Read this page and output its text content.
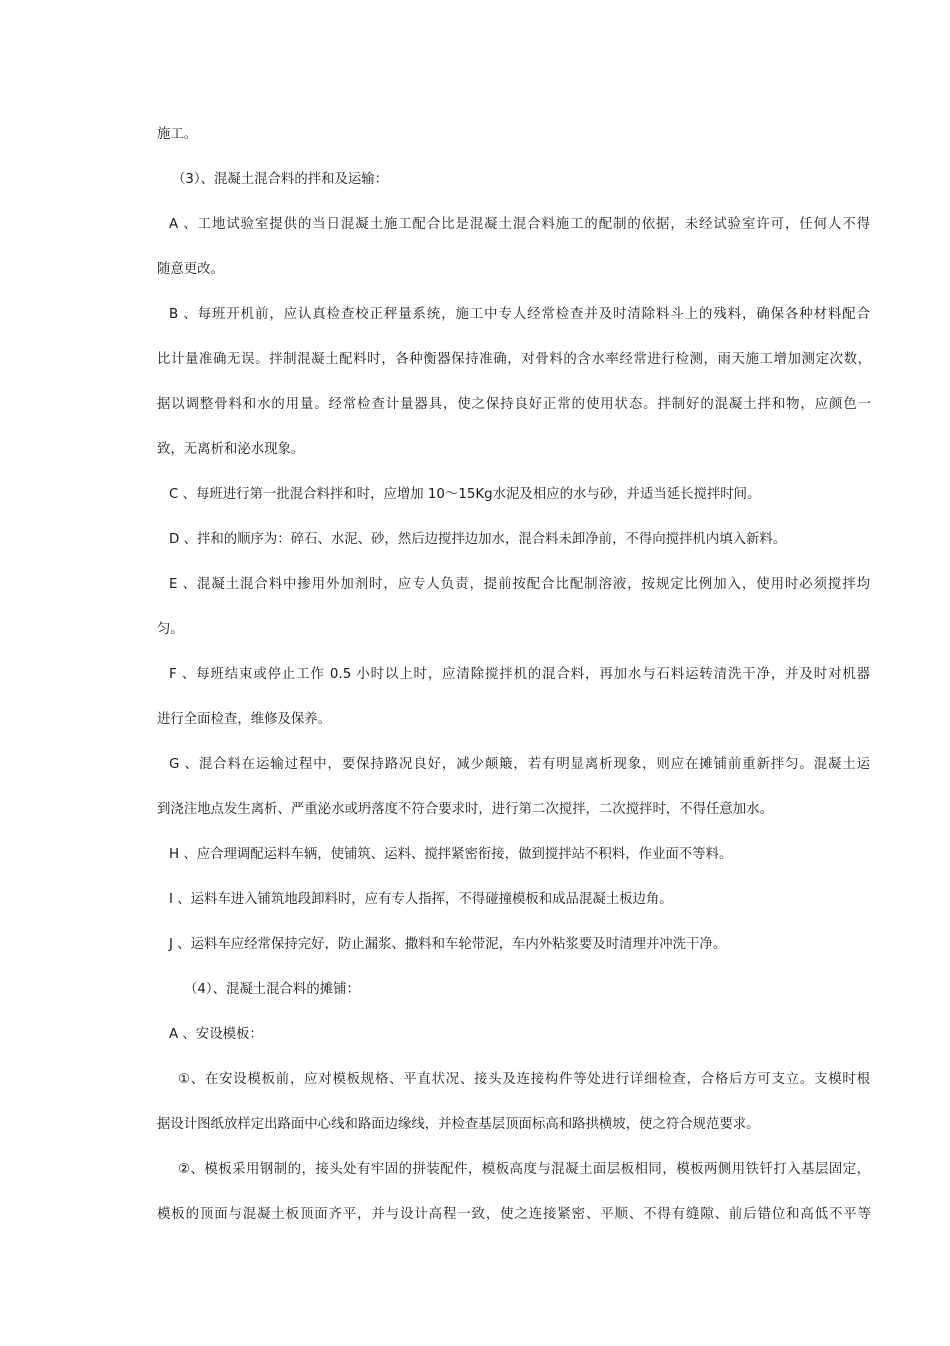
施工。
（3）、混凝土混合料的拌和及运输：
A 、工地试验室提供的当日混凝土施工配合比是混凝土混合料施工的配制的依据，未经试验室许可，任何人不得
随意更改。
B 、每班开机前，应认真检查校正秤量系统，施工中专人经常检查并及时清除料斗上的残料，确保各种材料配合
比计量准确无误。拌制混凝土配料时，各种衡器保持准确，对骨料的含水率经常进行检测，雨天施工增加测定次数，
据以调整骨料和水的用量。经常检查计量器具，使之保持良好正常的使用状态。拌制好的混凝土拌和物，应颜色一
致，无离析和泌水现象。
C 、每班进行第一批混合料拌和时，应增加 10～15Kg水泥及相应的水与砂，并适当延长搅拌时间。
D 、拌和的顺序为：碎石、水泥、砂，然后边搅拌边加水，混合料未卸净前，不得向搅拌机内填入新料。
E 、混凝土混合料中掺用外加剂时，应专人负责，提前按配合比配制溶液，按规定比例加入，使用时必须搅拌均
匀。
F 、每班结束或停止工作 0.5 小时以上时，应清除搅拌机的混合料，再加水与石料运转清洗干净，并及时对机器
进行全面检查，维修及保养。
G 、混合料在运输过程中，要保持路况良好，减少颠簸，若有明显离析现象，则应在摊铺前重新拌匀。混凝土运
到浇注地点发生离析、严重泌水或坍落度不符合要求时，进行第二次搅拌，二次搅拌时，不得任意加水。
H 、应合理调配运料车辆，使铺筑、运料、搅拌紧密衔接，做到搅拌站不积料，作业面不等料。
I 、运料车进入铺筑地段卸料时，应有专人指挥，不得碰撞模板和成品混凝土板边角。
J 、运料车应经常保持完好，防止漏浆、撒料和车轮带泥，车内外粘浆要及时清理并冲洗干净。
（4）、混凝土混合料的摊铺：
A 、安设模板：
①、在安设模板前，应对模板规格、平直状况、接头及连接构件等处进行详细检查，合格后方可支立。支模时根
据设计图纸放样定出路面中心线和路面边缘线，并检查基层顶面标高和路拱横坡，使之符合规范要求。
②、模板采用钢制的，接头处有牢固的拼装配件，模板高度与混凝土面层板相同，模板两侧用铁钎打入基层固定，
模板的顶面与混凝土板顶面齐平，并与设计高程一致，使之连接紧密、平顺、不得有缝隙、前后错位和高低不平等
